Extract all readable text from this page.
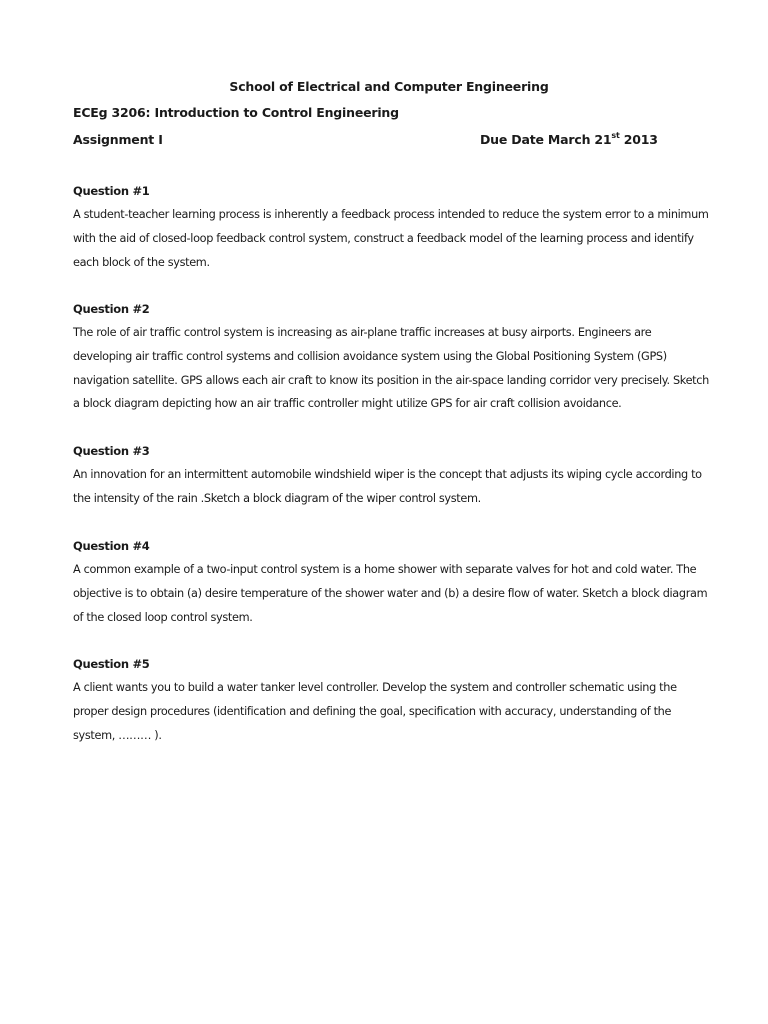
School of Electrical and Computer Engineering
ECEg 3206: Introduction to Control Engineering
Assignment I	Due Date March 21st 2013
Question #1
A student-teacher learning process is inherently a feedback process intended to reduce the system error to a minimum with the aid of closed-loop feedback control system, construct a feedback model of the learning process and identify each block of the system.
Question #2
The role of air traffic control system is increasing as air-plane traffic increases at busy airports. Engineers are developing air traffic control systems and collision avoidance system using the Global Positioning System (GPS) navigation satellite. GPS allows each air craft to know its position in the air-space landing corridor very precisely. Sketch a block diagram depicting how an air traffic controller might utilize GPS for air craft collision avoidance.
Question #3
An innovation for an intermittent automobile windshield wiper is the concept that adjusts its wiping cycle according to the intensity of the rain .Sketch a block diagram of the wiper control system.
Question #4
A common example of a two-input control system is a home shower with separate valves for hot and cold water. The objective is to obtain (a) desire temperature of the shower water and (b) a desire flow of water. Sketch a block diagram of the closed loop control system.
Question #5
A client wants you to build a water tanker level controller. Develop the system and controller schematic using the proper design procedures (identification and defining the goal, specification with accuracy, understanding of the system, ……… ).
